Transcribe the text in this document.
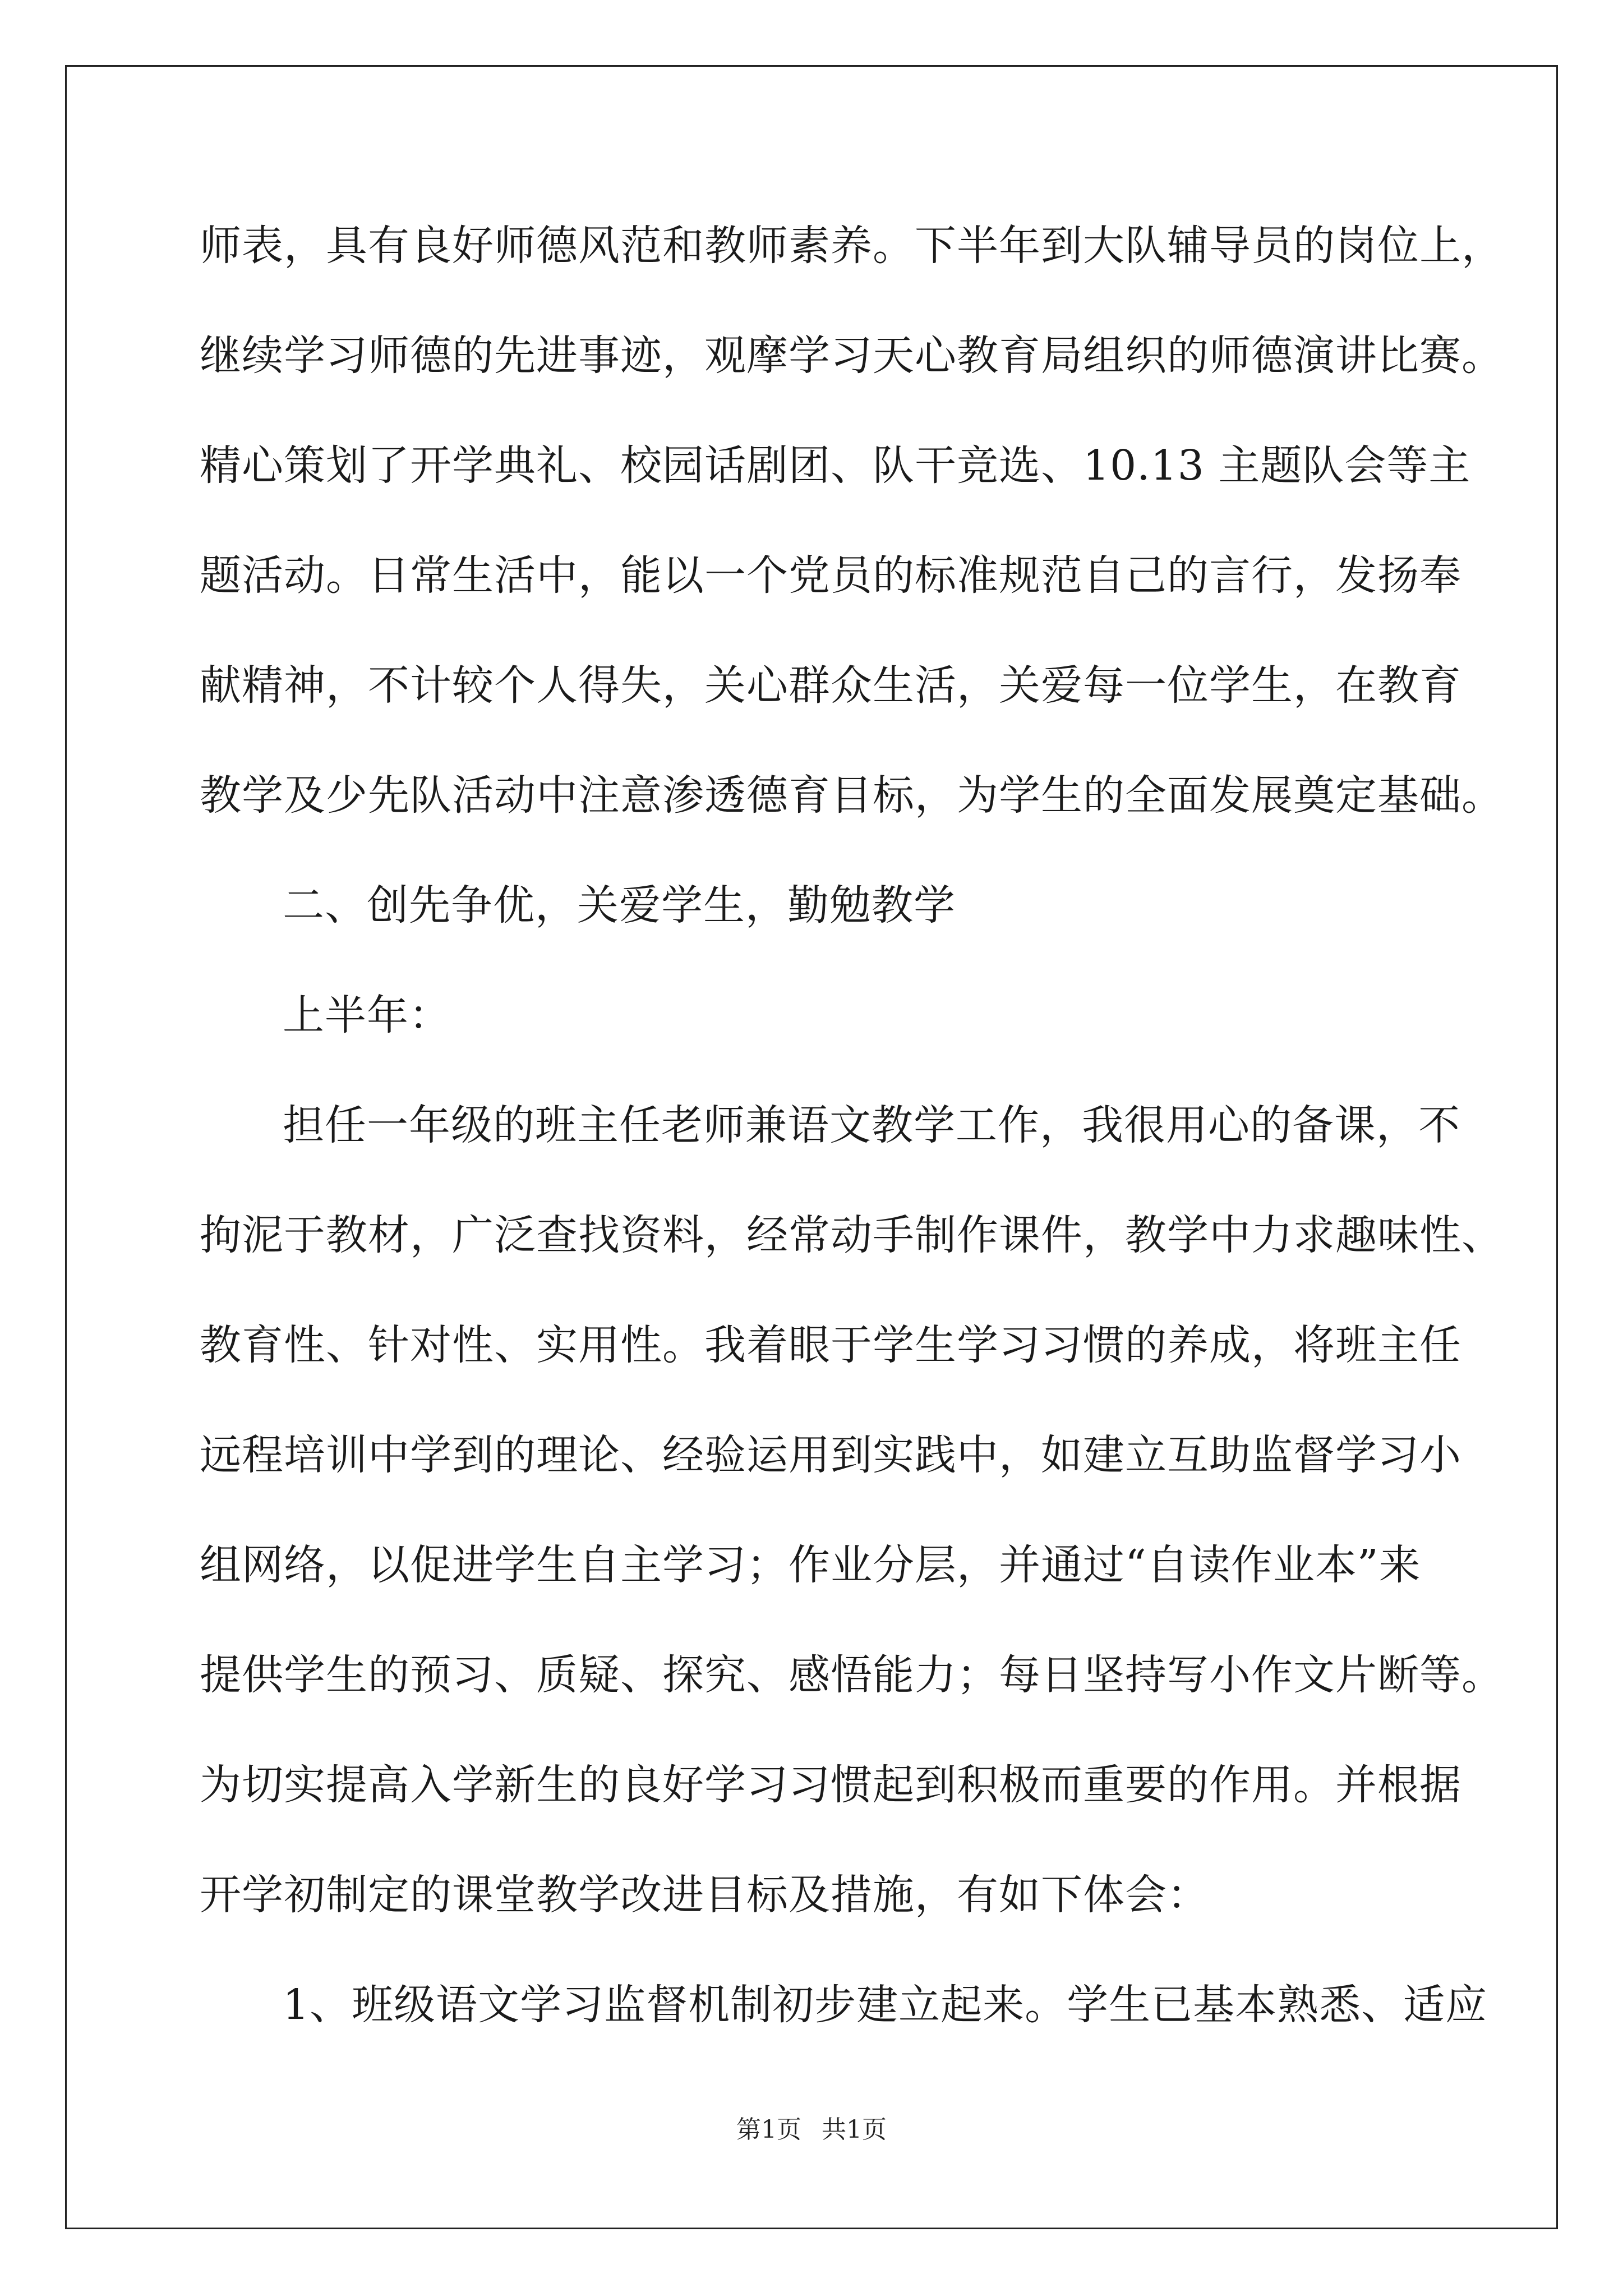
师表，具有良好师德风范和教师素养。下半年到大队辅导员的岗位上，
继续学习师德的先进事迹，观摩学习天心教育局组织的师德演讲比赛。
精心策划了开学典礼、校园话剧团、队干竞选、10.13 主题队会等主
题活动。日常生活中，能以一个党员的标准规范自己的言行，发扬奉
献精神，不计较个人得失，关心群众生活，关爱每一位学生，在教育
教学及少先队活动中注意渗透德育目标，为学生的全面发展奠定基础。
二、创先争优，关爱学生，勤勉教学
上半年：
担任一年级的班主任老师兼语文教学工作，我很用心的备课，不
拘泥于教材，广泛查找资料，经常动手制作课件，教学中力求趣味性、
教育性、针对性、实用性。我着眼于学生学习习惯的养成，将班主任
远程培训中学到的理论、经验运用到实践中，如建立互助监督学习小
组网络，以促进学生自主学习；作业分层，并通过“自读作业本”来
提供学生的预习、质疑、探究、感悟能力；每日坚持写小作文片断等。
为切实提高入学新生的良好学习习惯起到积极而重要的作用。并根据
开学初制定的课堂教学改进目标及措施，有如下体会：
1、班级语文学习监督机制初步建立起来。学生已基本熟悉、适应
第1页 共1页
